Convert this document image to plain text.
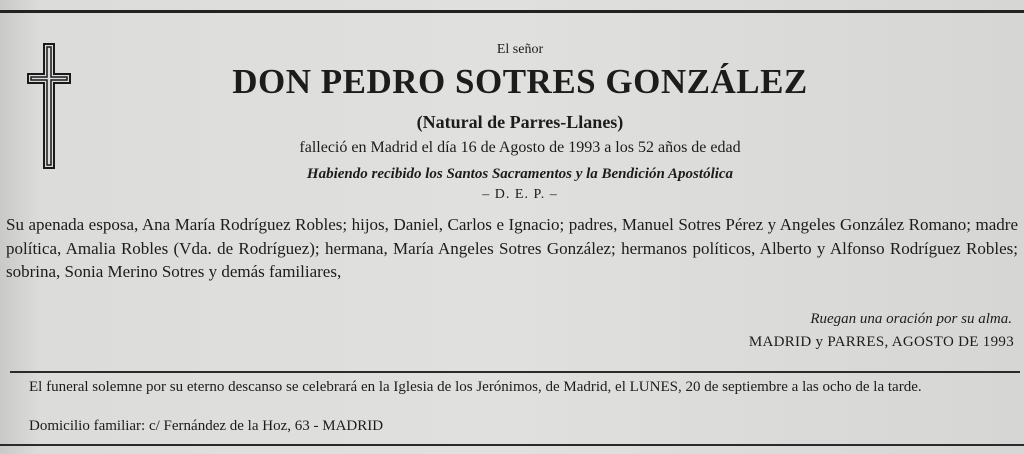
El señor
DON PEDRO SOTRES GONZÁLEZ
(Natural de Parres-Llanes)
falleció en Madrid el día 16 de Agosto de 1993 a los 52 años de edad
Habiendo recibido los Santos Sacramentos y la Bendición Apostólica
– D. E. P. –
Su apenada esposa, Ana María Rodríguez Robles; hijos, Daniel, Carlos e Ignacio; padres, Manuel Sotres Pérez y Angeles González Romano; madre política, Amalia Robles (Vda. de Rodríguez); hermana, María Angeles Sotres González; hermanos políticos, Alberto y Alfonso Rodríguez Robles; sobrina, Sonia Merino Sotres y demás familiares,
Ruegan una oración por su alma.
MADRID y PARRES, AGOSTO DE 1993
El funeral solemne por su eterno descanso se celebrará en la Iglesia de los Jerónimos, de Madrid, el LUNES, 20 de septiembre a las ocho de la tarde.
Domicilio familiar: c/ Fernández de la Hoz, 63 - MADRID
